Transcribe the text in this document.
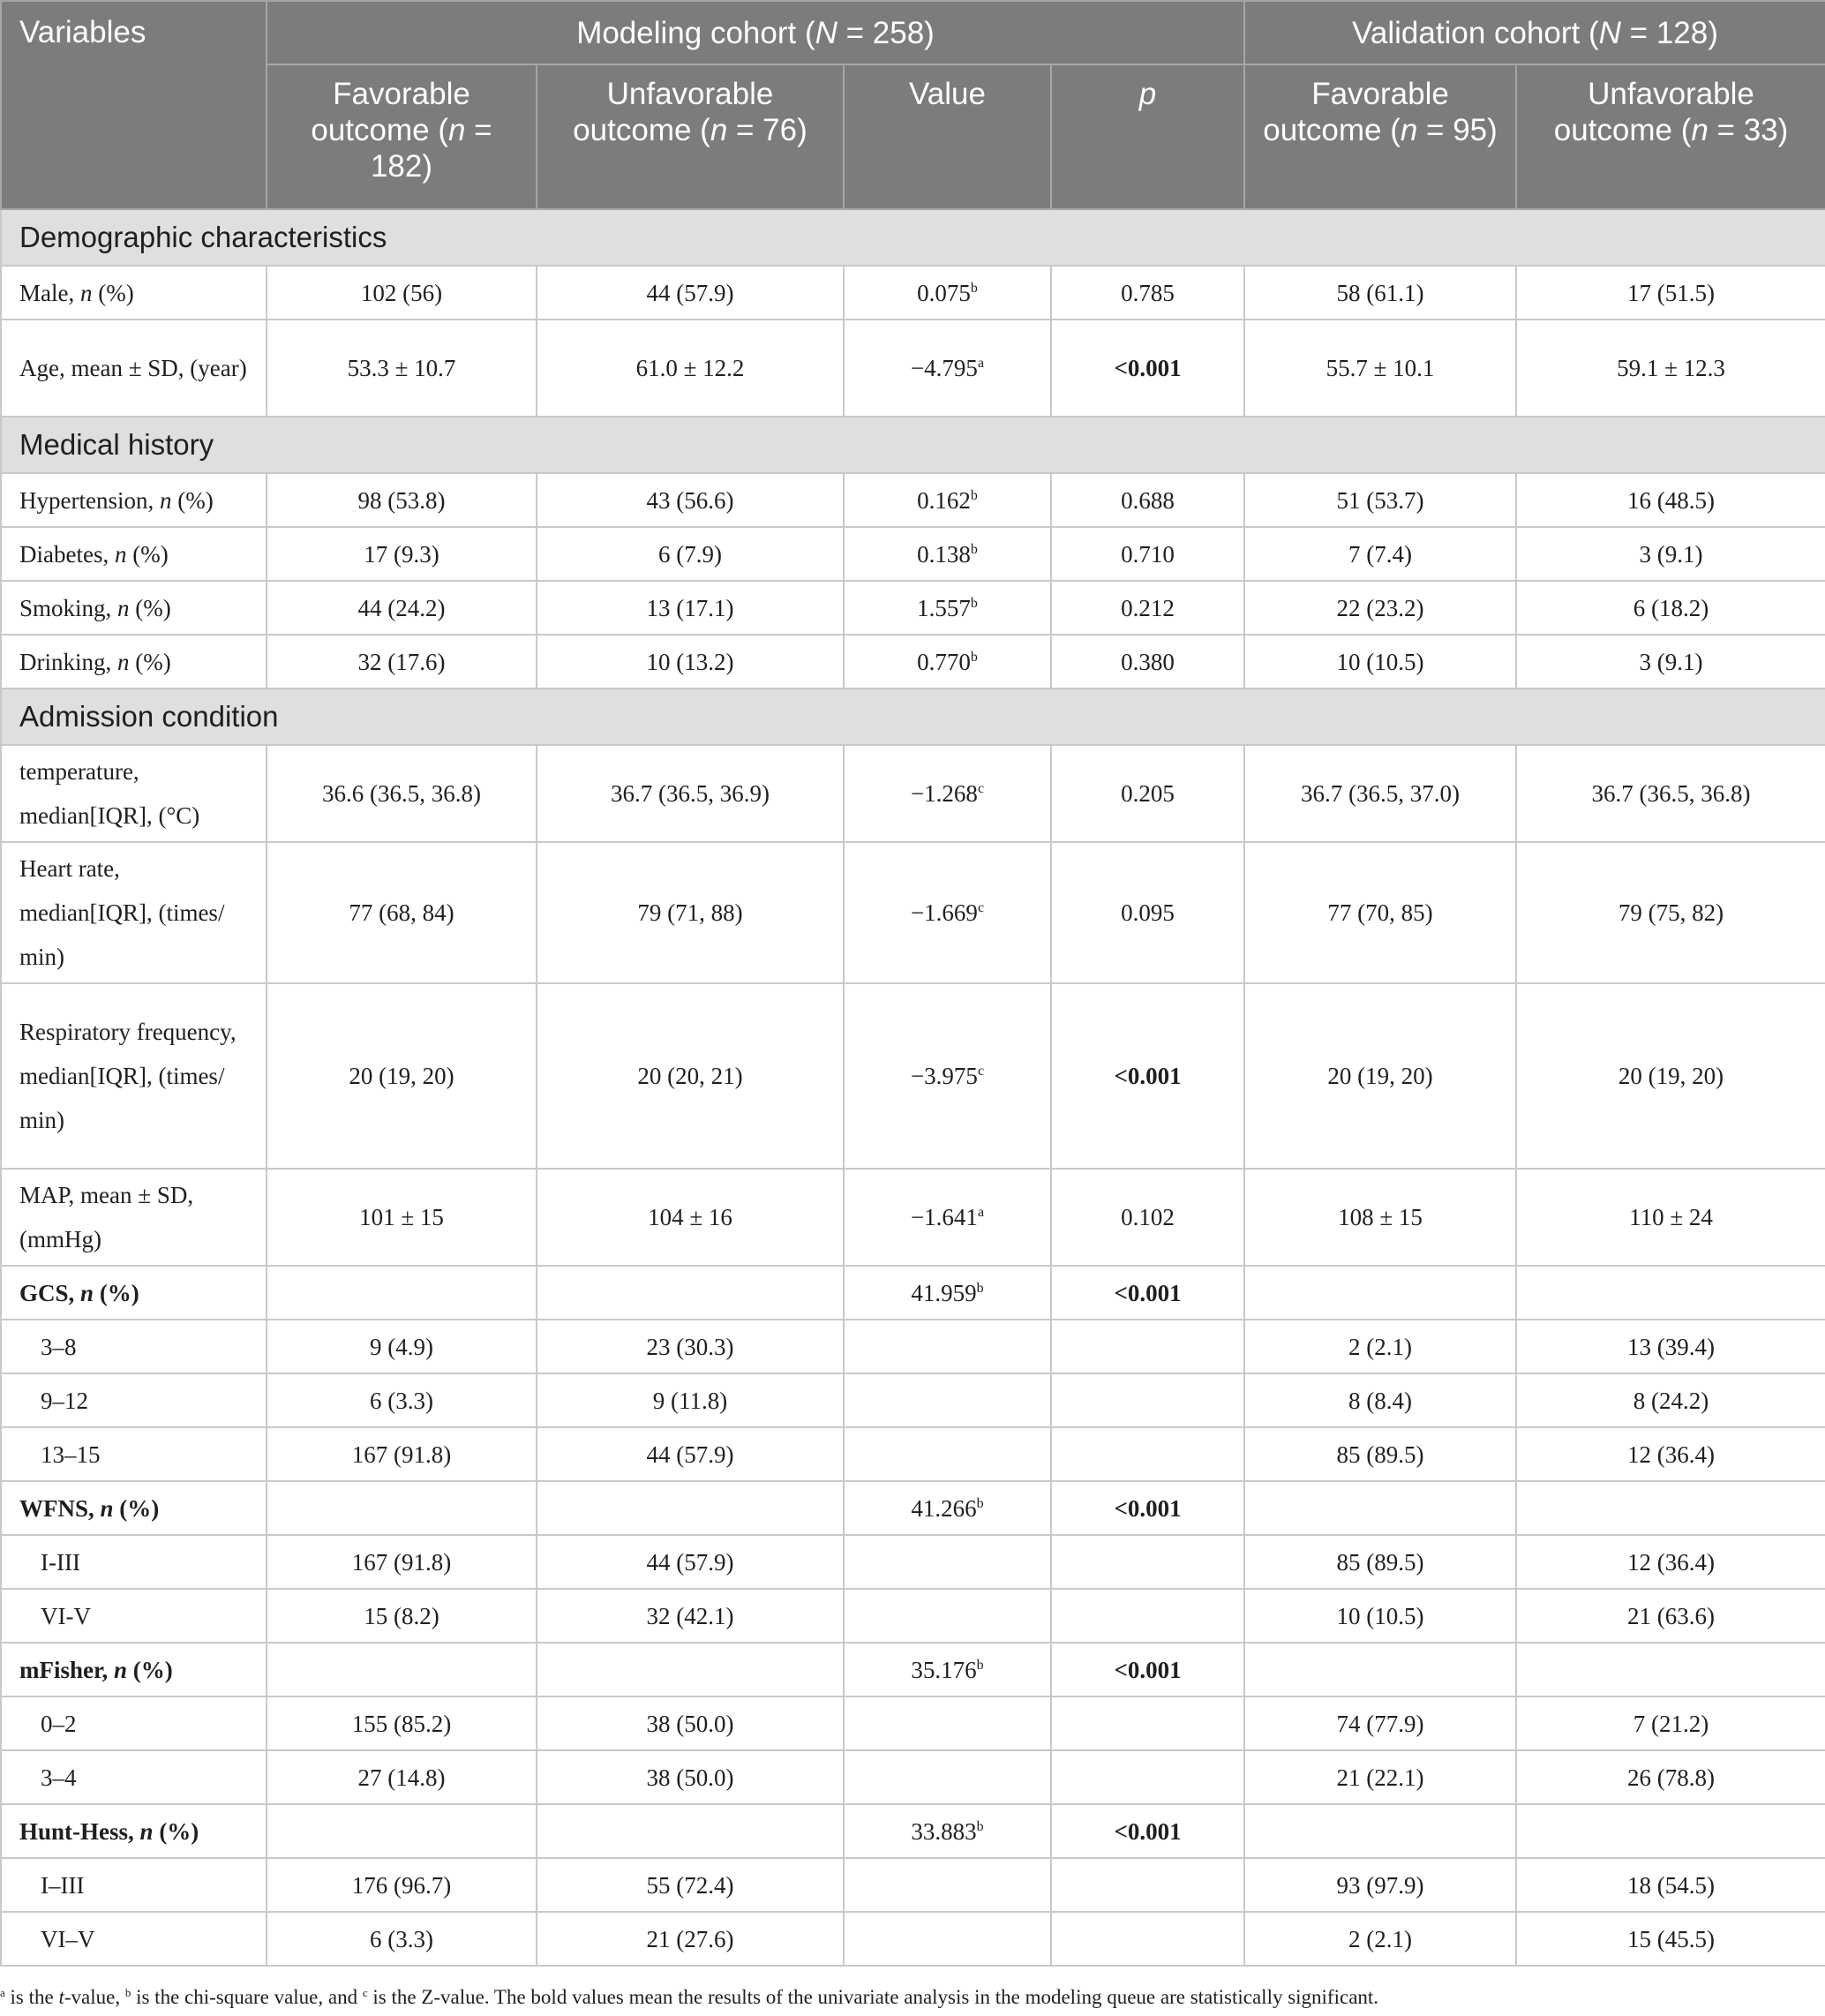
Variables	Modeling cohort (N = 258)				Validation cohort (N = 128)	
	Favorable outcome (n = 182)	Unfavorable outcome (n = 76)	Value	p	Favorable outcome (n = 95)	Unfavorable outcome (n = 33)
Demographic characteristics						
Male, n (%)	102 (56)	44 (57.9)	0.075$^b$	0.785	58 (61.1)	17 (51.5)
Age, mean ± SD, (year)	53.3 ± 10.7	61.0 ± 12.2	−4.795$^a$	<0.001	55.7 ± 10.1	59.1 ± 12.3
Medical history						
Hypertension, n (%)	98 (53.8)	43 (56.6)	0.162$^b$	0.688	51 (53.7)	16 (48.5)
Diabetes, n (%)	17 (9.3)	6 (7.9)	0.138$^b$	0.710	7 (7.4)	3 (9.1)
Smoking, n (%)	44 (24.2)	13 (17.1)	1.557$^b$	0.212	22 (23.2)	6 (18.2)
Drinking, n (%)	32 (17.6)	10 (13.2)	0.770$^b$	0.380	10 (10.5)	3 (9.1)
Admission condition						
temperature, median[IQR], (°C)	36.6 (36.5, 36.8)	36.7 (36.5, 36.9)	−1.268$^c$	0.205	36.7 (36.5, 37.0)	36.7 (36.5, 36.8)
Heart rate, median[IQR], (times/ min)	77 (68, 84)	79 (71, 88)	−1.669$^c$	0.095	77 (70, 85)	79 (75, 82)
Respiratory frequency, median[IQR], (times/ min)	20 (19, 20)	20 (20, 21)	−3.975$^c$	<0.001	20 (19, 20)	20 (19, 20)
MAP, mean ± SD, (mmHg)	101 ± 15	104 ± 16	−1.641$^a$	0.102	108 ± 15	110 ± 24
GCS, n (%)			41.959$^b$	<0.001		
3–8	9 (4.9)	23 (30.3)			2 (2.1)	13 (39.4)
9–12	6 (3.3)	9 (11.8)			8 (8.4)	8 (24.2)
13–15	167 (91.8)	44 (57.9)			85 (89.5)	12 (36.4)
WFNS, n (%)			41.266$^b$	<0.001		
I-III	167 (91.8)	44 (57.9)			85 (89.5)	12 (36.4)
VI-V	15 (8.2)	32 (42.1)			10 (10.5)	21 (63.6)
mFisher, n (%)			35.176$^b$	<0.001		
0–2	155 (85.2)	38 (50.0)			74 (77.9)	7 (21.2)
3–4	27 (14.8)	38 (50.0)			21 (22.1)	26 (78.8)
Hunt-Hess, n (%)			33.883$^b$	<0.001		
I–III	176 (96.7)	55 (72.4)			93 (97.9)	18 (54.5)
VI–V	6 (3.3)	21 (27.6)			2 (2.1)	15 (45.5)
$^a$ is the t-value, $^b$ is the chi-square value, and $^c$ is the Z-value. The bold values mean the results of the univariate analysis in the modeling queue are statistically significant.
